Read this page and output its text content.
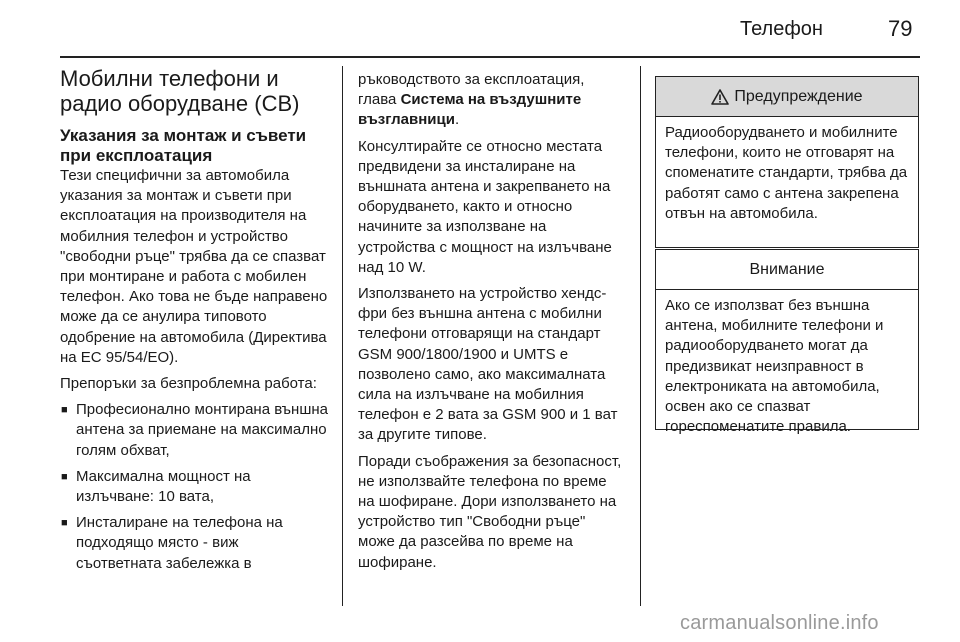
Телефон	79
Мобилни телефони и радио оборудване (СВ)
Указания за монтаж и съвети при експлоатация

Тези специфични за автомобила указания за монтаж и съвети при експлоатация на производителя на мобилния телефон и устройство "свободни ръце" трябва да се спазват при монтиране и работа с мобилен телефон. Ако това не бъде направено може да се анулира типовото одобрение на автомобила (Директива на ЕС 95/54/ЕО).

Препоръки за безпроблемна работа:

■ Професионално монтирана външна антена за приемане на максимално голям обхват,
■ Максимална мощност на излъчване: 10 вата,
■ Инсталиране на телефона на подходящо място - виж съответната забележка в

ръководството за експлоатация, глава Система на въздушните възглавници.

Консултирайте се относно местата предвидени за инсталиране на външната антена и закрепването на оборудването, както и относно начините за използване на устройства с мощност на излъчване над 10 W.

Използването на устройство хендс-фри без външна антена с мобилни телефони отговарящи на стандарт GSM 900/1800/1900 и UMTS е позволено само, ако максималната сила на излъчване на мобилния телефон е 2 вата за GSM 900 и 1 ват за другите типове.

Поради съображения за безопасност, не използвайте телефона по време на шофиране. Дори използването на устройство тип "Свободни ръце" може да разсейва по време на шофиране.

Предупреждение
Радиооборудването и мобилните телефони, които не отговарят на споменатите стандарти, трябва да работят само с антена закрепена отвън на автомобила.
Внимание
Ако се използват без външна антена, мобилните телефони и радиооборудването могат да предизвикат неизправност в електрониката на автомобила, освен ако се спазват гореспоменатите правила.
carmanualsonline.info
